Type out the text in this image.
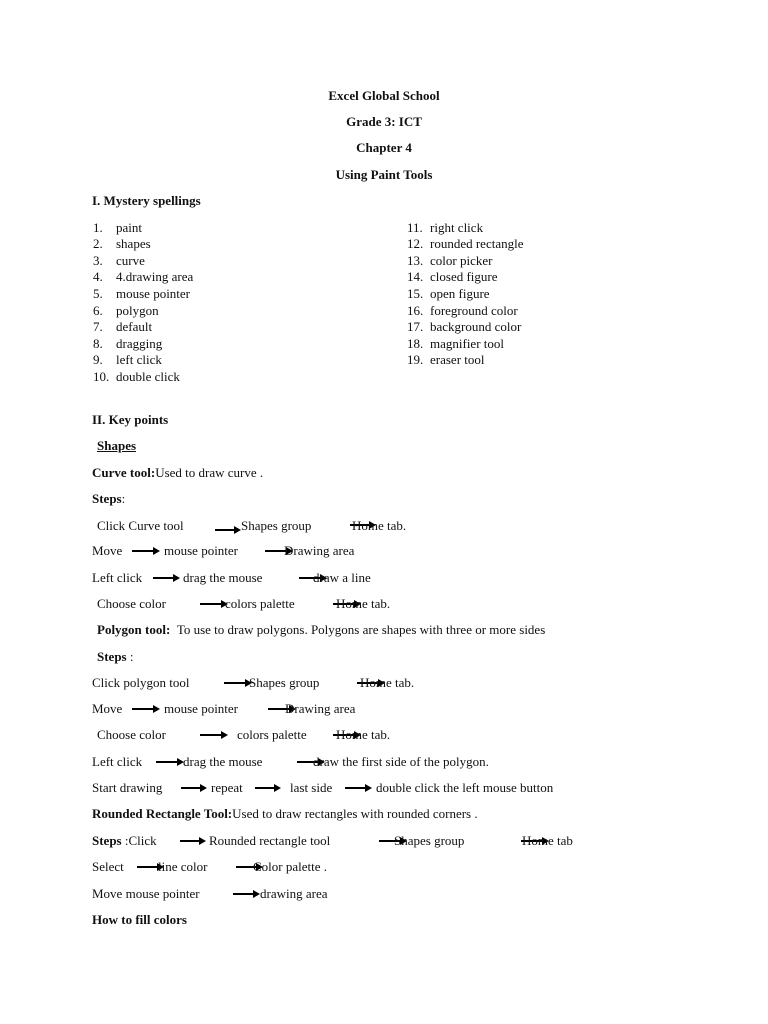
Excel Global School
Grade 3: ICT
Chapter 4
Using Paint Tools
I. Mystery spellings
1. paint
2. shapes
3. curve
4. 4.drawing area
5. mouse pointer
6. polygon
7. default
8. dragging
9. left click
10. double click
11. right click
12. rounded rectangle
13. color picker
14. closed figure
15. open figure
16. foreground color
17. background color
18. magnifier tool
19. eraser tool
II. Key points
Shapes
Curve tool:Used to draw curve .
Steps:
Click Curve tool	Shapes group	Home tab.
Move	mouse pointer	Drawing area
Left click	drag the mouse	draw a line
Choose color	colors palette	Home tab.
Polygon tool: To use to draw polygons. Polygons are shapes with three or more sides
Steps :
Click polygon tool	Shapes group	Home tab.
Move	mouse pointer	Drawing area
Choose color	colors palette Home tab.
Left click	drag the mouse	draw the first side of the polygon.
Start drawing	repeat	last side	double click the left mouse button
Rounded Rectangle Tool:Used to draw rectangles with rounded corners .
Steps :Click	Rounded rectangle tool	Shapes group	Home tab
Select	line color	Color palette .
Move mouse pointer	drawing area
How to fill colors
